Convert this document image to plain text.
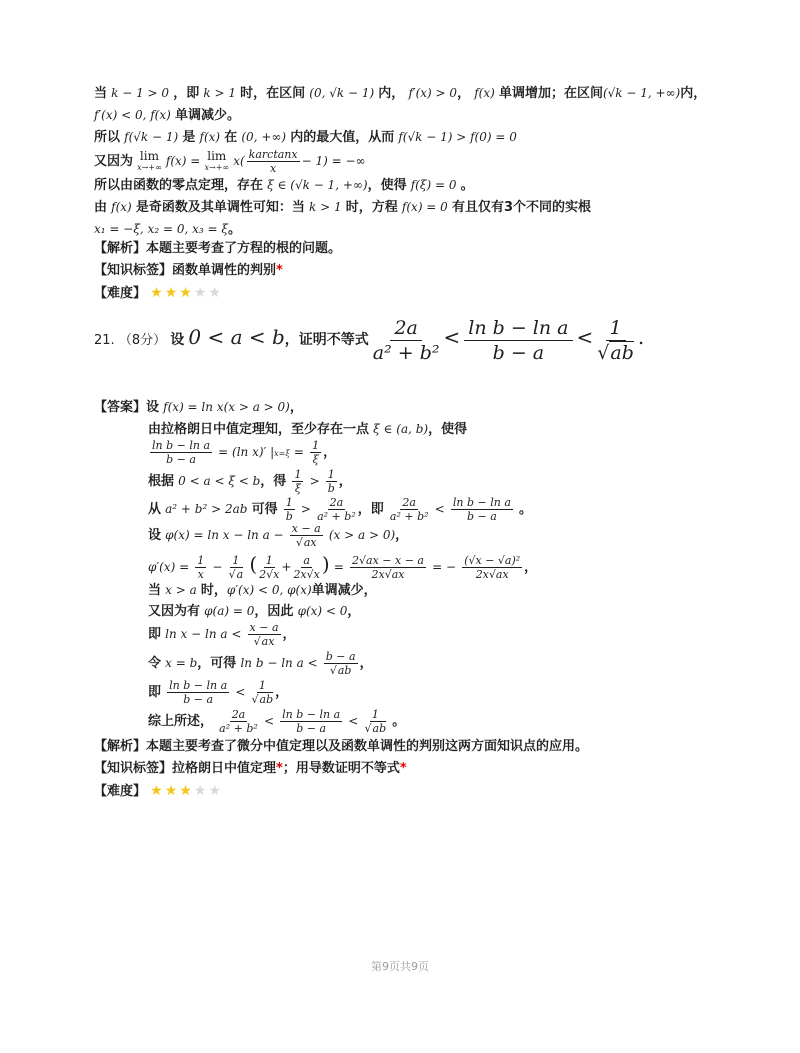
当 k − 1 > 0 ，即 k > 1 时，在区间 (0, √k − 1) 内， f′(x) > 0， f(x) 单调增加；在区间(√k − 1, +∞)内，
f′(x) < 0, f(x) 单调减少。
所以 f(√k − 1) 是 f(x) 在 (0, +∞) 内的最大值，从而 f(√k − 1) > f(0) = 0
又因为 lim
x→+∞ f(x) = lim
x→+∞ $x( \frac{karctanx}{x} - 1)$ = −∞
所以由函数的零点定理，存在 ξ ∈ (√k − 1, +∞)，使得 f(ξ) = 0 。
由 f(x) 是奇函数及其单调性可知：当 k > 1 时，方程 f(x) = 0 有且仅有3个不同的实根
x₁ = −ξ, x₂ = 0, x₃ = ξ。
【解析】本题主要考查了方程的根的问题。
【知识标签】函数单调性的判别*
【难度】 ★★★★★
21. （8分） 设 0 < a < b，证明不等式 $\frac{2a}{\text{a² + b²}} < \frac{\text{ln b − ln a}}{b - a} < \frac{1}{√ab}$ .
【答案】设 f(x) = ln x(x > a > 0)，
由拉格朗日中值定理知，至少存在一点 ξ ∈ (a, b)，使得
$\frac{\text{ln b − ln a}}{b - a} = (\ln$ x)′ $|x=\xi = \frac{1}{\xi}$ ，
根据 0 < a < ξ < b，得 $\frac{1}{\xi} > \frac{1}{b}$ ，
从 a² + b² > 2ab 可得 $\frac{1}{b} > \frac{2a}{\text{a² + b²}}$ ，即 $\frac{2a}{\text{a² + b²}} < \frac{\text{ln b − ln a}}{b - a}$ 。
设 $\varphi(x) = \ln x - \ln a - \frac{x - a}{√ax} (x > a > 0)$，
$\varphi'(x) = \frac{1}{x} - \frac{1}{√a}$ ( $\frac{1}{2√x} + \frac{a}{2x√x}$ ) = $\frac{2√ax - x - a}{2x√ax}$ = − $\frac{\text{(√x − √a)²}}{2x√ax}$ ，
当 x > a 时，φ′(x) < 0, φ(x)单调减少，
又因为有 φ(a) = 0，因此 φ(x) < 0，
即 $\ln x - \ln a < \frac{x - a}{√ax}$ ，
令 x = b，可得 $\ln b - \ln a < \frac{b - a}{√ab}$ ，
即 $\frac{\text{ln b − ln a}}{b - a} < \frac{1}{√ab}$ ，
综上所述， $\frac{2a}{\text{a² + b²}} < \frac{\text{ln b − ln a}}{b - a} < \frac{1}{√ab}$ 。
【解析】本题主要考查了微分中值定理以及函数单调性的判别这两方面知识点的应用。
【知识标签】拉格朗日中值定理*；用导数证明不等式*
【难度】 ★★★★★
第9页共9页
